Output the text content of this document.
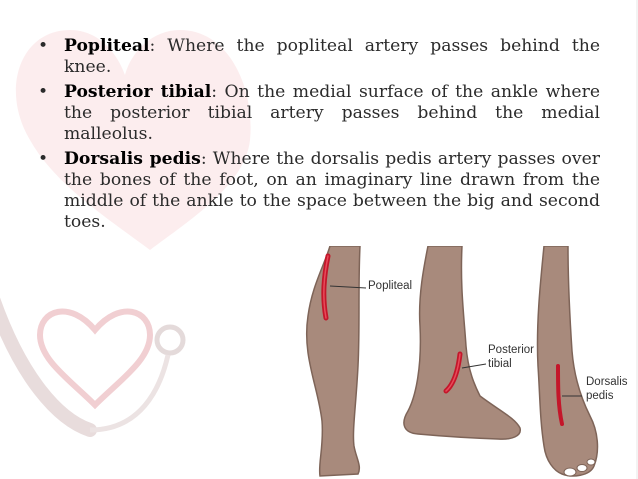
• Popliteal: Where the popliteal artery passes behind the knee.
• Posterior tibial: On the medial surface of the ankle where the posterior tibial artery passes behind the medial malleolus.
• Dorsalis pedis: Where the dorsalis pedis artery passes over the bones of the foot, on an imaginary line drawn from the middle of the ankle to the space between the big and second toes.
Popliteal
Posterior
tibial
Dorsalis
pedis
